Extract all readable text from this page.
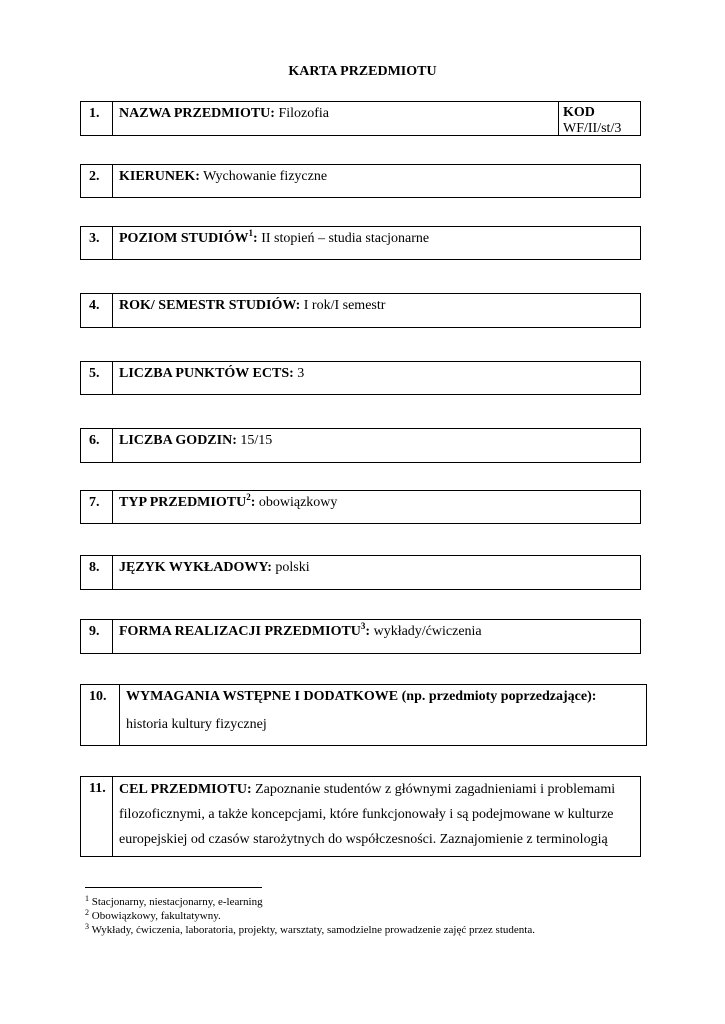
KARTA PRZEDMIOTU
1.	NAZWA PRZEDMIOTU: Filozofia	KOD
WF/II/st/3
2.	KIERUNEK: Wychowanie fizyczne
3.	POZIOM STUDIÓW$^1$: II stopień – studia stacjonarne
4.	ROK/ SEMESTR STUDIÓW: I rok/I semestr
5.	LICZBA PUNKTÓW ECTS: 3
6.	LICZBA GODZIN: 15/15
7.	TYP PRZEDMIOTU$^2$: obowiązkowy
8.	JĘZYK WYKŁADOWY: polski
9.	FORMA REALIZACJI PRZEDMIOTU$^3$: wykłady/ćwiczenia
10.	WYMAGANIA WSTĘPNE I DODATKOWE (np. przedmioty poprzedzające):
historia kultury fizycznej
11. CEL PRZEDMIOTU: Zapoznanie studentów z głównymi zagadnieniami i problemami
filozoficznymi, a także koncepcjami, które funkcjonowały i są podejmowane w kulturze
europejskiej od czasów starożytnych do współczesności. Zaznajomienie z terminologią
$^1$ Stacjonarny, niestacjonarny, e-learning
$^2$ Obowiązkowy, fakultatywny.
$^3$ Wykłady, ćwiczenia, laboratoria, projekty, warsztaty, samodzielne prowadzenie zajęć przez studenta.
